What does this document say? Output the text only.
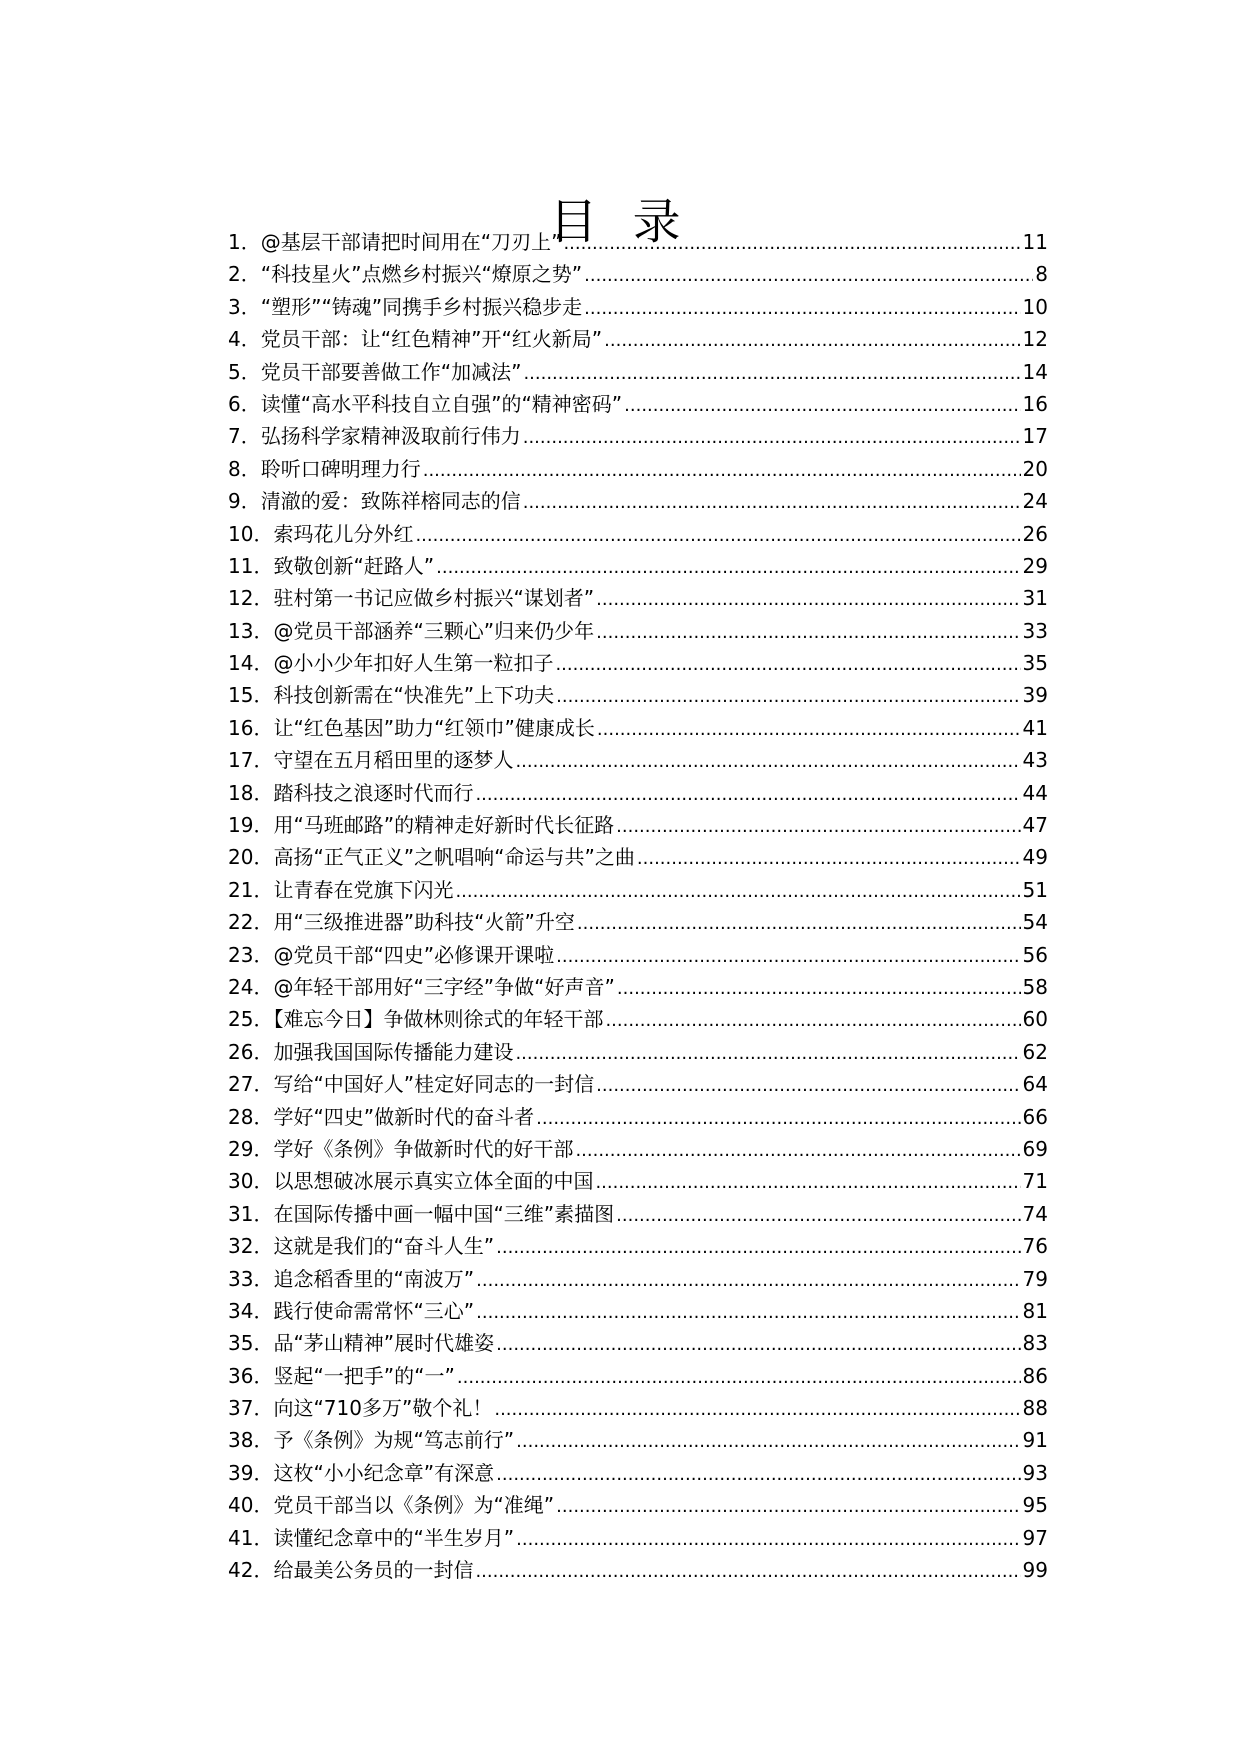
目 录
1．@基层干部请把时间用在“刀刃上” .....	11
2．“科技星火”点燃乡村振兴“燎原之势” .....	8
3．“塑形”“铸魂”同携手乡村振兴稳步走 .....	10
4．党员干部：让“红色精神”开“红火新局” .....	12
5．党员干部要善做工作“加减法” .....	14
6．读懂“高水平科技自立自强”的“精神密码” .....	16
7．弘扬科学家精神汲取前行伟力 .....	17
8．聆听口碑明理力行 .....	20
9．清澈的爱：致陈祥榕同志的信 .....	24
10．索玛花儿分外红 .....	26
11．致敬创新“赶路人” .....	29
12．驻村第一书记应做乡村振兴“谋划者” .....	31
13．@党员干部涵养“三颗心”归来仍少年 .....	33
14．@小小少年扣好人生第一粒扣子 .....	35
15．科技创新需在“快准先”上下功夫 .....	39
16．让“红色基因”助力“红领巾”健康成长 .....	41
17．守望在五月稻田里的逐梦人 .....	43
18．踏科技之浪逐时代而行 .....	44
19．用“马班邮路”的精神走好新时代长征路 .....	47
20．高扬“正气正义”之帆唱响“命运与共”之曲 .....	49
21．让青春在党旗下闪光 .....	51
22．用“三级推进器”助科技“火箭”升空 .....	54
23．@党员干部“四史”必修课开课啦 .....	56
24．@年轻干部用好“三字经”争做“好声音” .....	58
25．【难忘今日】争做林则徐式的年轻干部 .....	60
26．加强我国国际传播能力建设 .....	62
27．写给“中国好人”桂定好同志的一封信 .....	64
28．学好“四史”做新时代的奋斗者 .....	66
29．学好《条例》争做新时代的好干部 .....	69
30．以思想破冰展示真实立体全面的中国 .....	71
31．在国际传播中画一幅中国“三维”素描图 .....	74
32．这就是我们的“奋斗人生” .....	76
33．追念稻香里的“南波万” .....	79
34．践行使命需常怀“三心” .....	81
35．品“茅山精神”展时代雄姿 .....	83
36．竖起“一把手”的“一” .....	86
37．向这“710多万”敬个礼！ .....	88
38．予《条例》为规“笃志前行” .....	91
39．这枚“小小纪念章”有深意 .....	93
40．党员干部当以《条例》为“准绳” .....	95
41．读懂纪念章中的“半生岁月” .....	97
42．给最美公务员的一封信 .....	99
